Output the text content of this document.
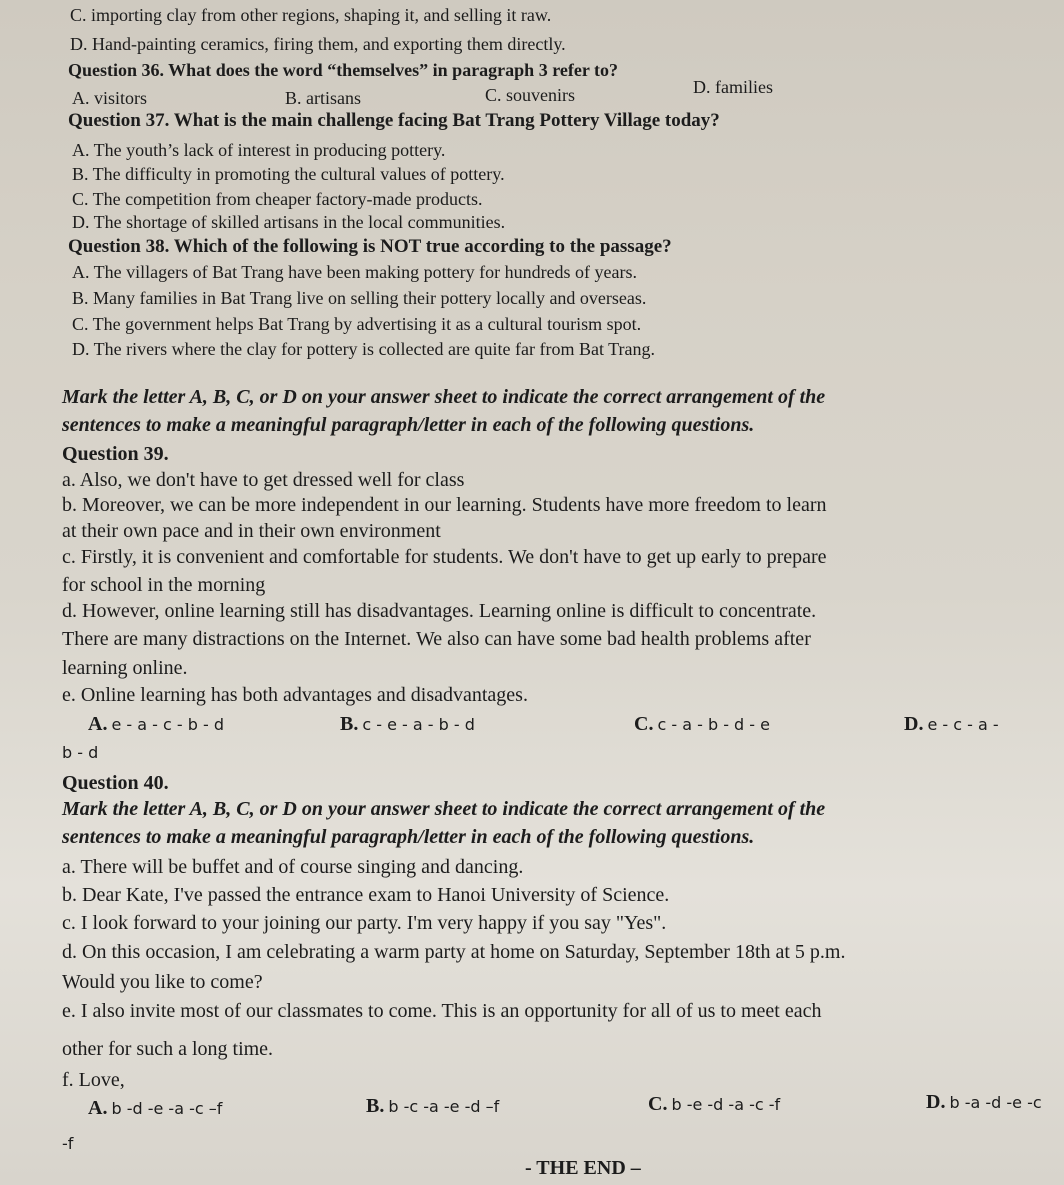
C. importing clay from other regions, shaping it, and selling it raw.
D. Hand-painting ceramics, firing them, and exporting them directly.
Question 36. What does the word “themselves” in paragraph 3 refer to?
A. visitors	B. artisans	C. souvenirs	D. families
Question 37. What is the main challenge facing Bat Trang Pottery Village today?
A. The youth’s lack of interest in producing pottery.
B. The difficulty in promoting the cultural values of pottery.
C. The competition from cheaper factory-made products.
D. The shortage of skilled artisans in the local communities.
Question 38. Which of the following is NOT true according to the passage?
A. The villagers of Bat Trang have been making pottery for hundreds of years.
B. Many families in Bat Trang live on selling their pottery locally and overseas.
C. The government helps Bat Trang by advertising it as a cultural tourism spot.
D. The rivers where the clay for pottery is collected are quite far from Bat Trang.
Mark the letter A, B, C, or D on your answer sheet to indicate the correct arrangement of the
sentences to make a meaningful paragraph/letter in each of the following questions.
Question 39.
a. Also, we don't have to get dressed well for class
b. Moreover, we can be more independent in our learning. Students have more freedom to learn
at their own pace and in their own environment
c. Firstly, it is convenient and comfortable for students. We don't have to get up early to prepare
for school in the morning
d. However, online learning still has disadvantages. Learning online is difficult to concentrate.
There are many distractions on the Internet. We also can have some bad health problems after
learning online.
e. Online learning has both advantages and disadvantages.
A. e - a - c - b - d	B. c - e - a - b - d	C. c - a - b - d - e	D. e - c - a -
b - d
Question 40.
Mark the letter A, B, C, or D on your answer sheet to indicate the correct arrangement of the
sentences to make a meaningful paragraph/letter in each of the following questions.
a. There will be buffet and of course singing and dancing.
b. Dear Kate, I've passed the entrance exam to Hanoi University of Science.
c. I look forward to your joining our party. I'm very happy if you say "Yes".
d. On this occasion, I am celebrating a warm party at home on Saturday, September 18th at 5 p.m.
Would you like to come?
e. I also invite most of our classmates to come. This is an opportunity for all of us to meet each
other for such a long time.
f. Love,
A. b -d -e -a -c –f	B. b -c -a -e -d –f	C. b -e -d -a -c -f	D. b -a -d -e -c
-f
- THE END –
